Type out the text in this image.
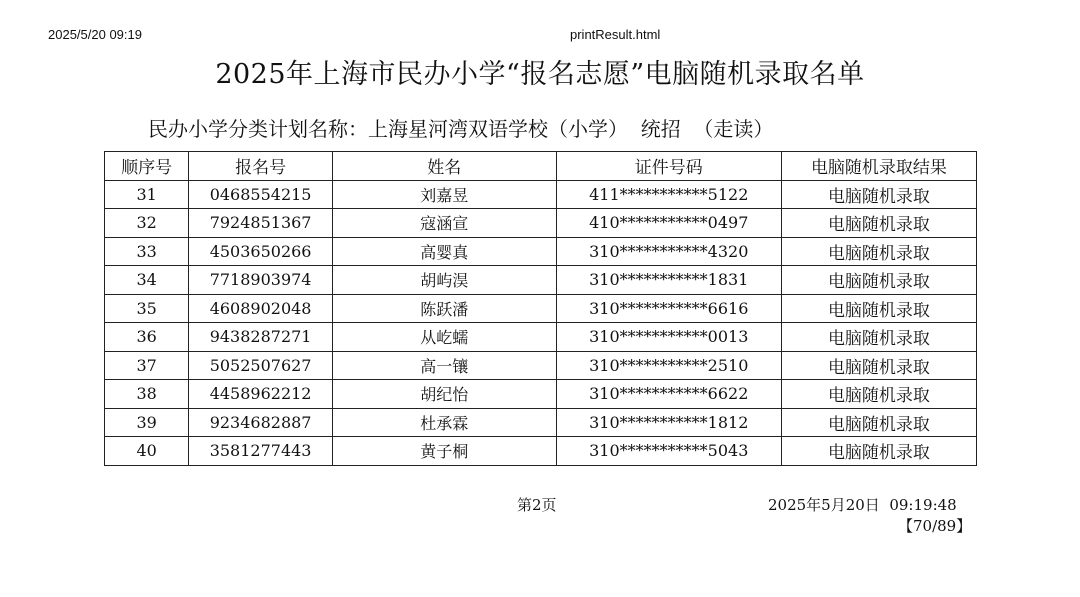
2025/5/20 09:19	printResult.html
2025年上海市民办小学“报名志愿”电脑随机录取名单
民办小学分类计划名称：上海星河湾双语学校（小学）  统招  （走读）
顺序号	报名号	姓名	证件号码	电脑随机录取结果
31	0468554215	刘嘉昱	411***********5122	电脑随机录取
32	7924851367	寇涵宣	410***********0497	电脑随机录取
33	4503650266	高婴真	310***********4320	电脑随机录取
34	7718903974	胡屿淏	310***********1831	电脑随机录取
35	4608902048	陈跃潘	310***********6616	电脑随机录取
36	9438287271	从屹蠕	310***********0013	电脑随机录取
37	5052507627	高一镶	310***********2510	电脑随机录取
38	4458962212	胡纪怡	310***********6622	电脑随机录取
39	9234682887	杜承霖	310***********1812	电脑随机录取
40	3581277443	黄子桐	310***********5043	电脑随机录取
第2页	2025年5月20日  09:19:48
【70/89】
